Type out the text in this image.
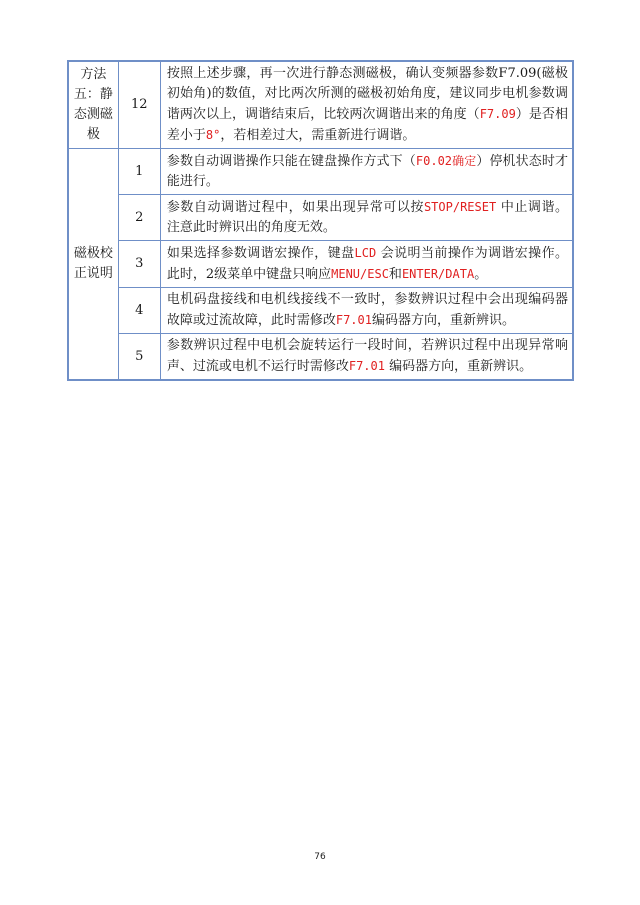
方法五：静态测磁极	12	按照上述步骤，再一次进行静态测磁极，确认变频器参数F7.09(磁极初始角)的数值，对比两次所测的磁极初始角度，建议同步电机参数调谐两次以上，调谐结束后，比较两次调谐出来的角度（F7.09）是否相差小于8°，若相差过大，需重新进行调谐。
磁极校正说明	1	参数自动调谐操作只能在键盘操作方式下（F0.02确定）停机状态时才能进行。
	2	参数自动调谐过程中，如果出现异常可以按STOP/RESET 中止调谐。注意此时辨识出的角度无效。
	3	如果选择参数调谐宏操作，键盘LCD 会说明当前操作为调谐宏操作。此时，2级菜单中键盘只响应MENU/ESC和ENTER/DATA。
	4	电机码盘接线和电机线接线不一致时，参数辨识过程中会出现编码器故障或过流故障，此时需修改F7.01编码器方向，重新辨识。
	5	参数辨识过程中电机会旋转运行一段时间，若辨识过程中出现异常响声、过流或电机不运行时需修改F7.01 编码器方向，重新辨识。
76
